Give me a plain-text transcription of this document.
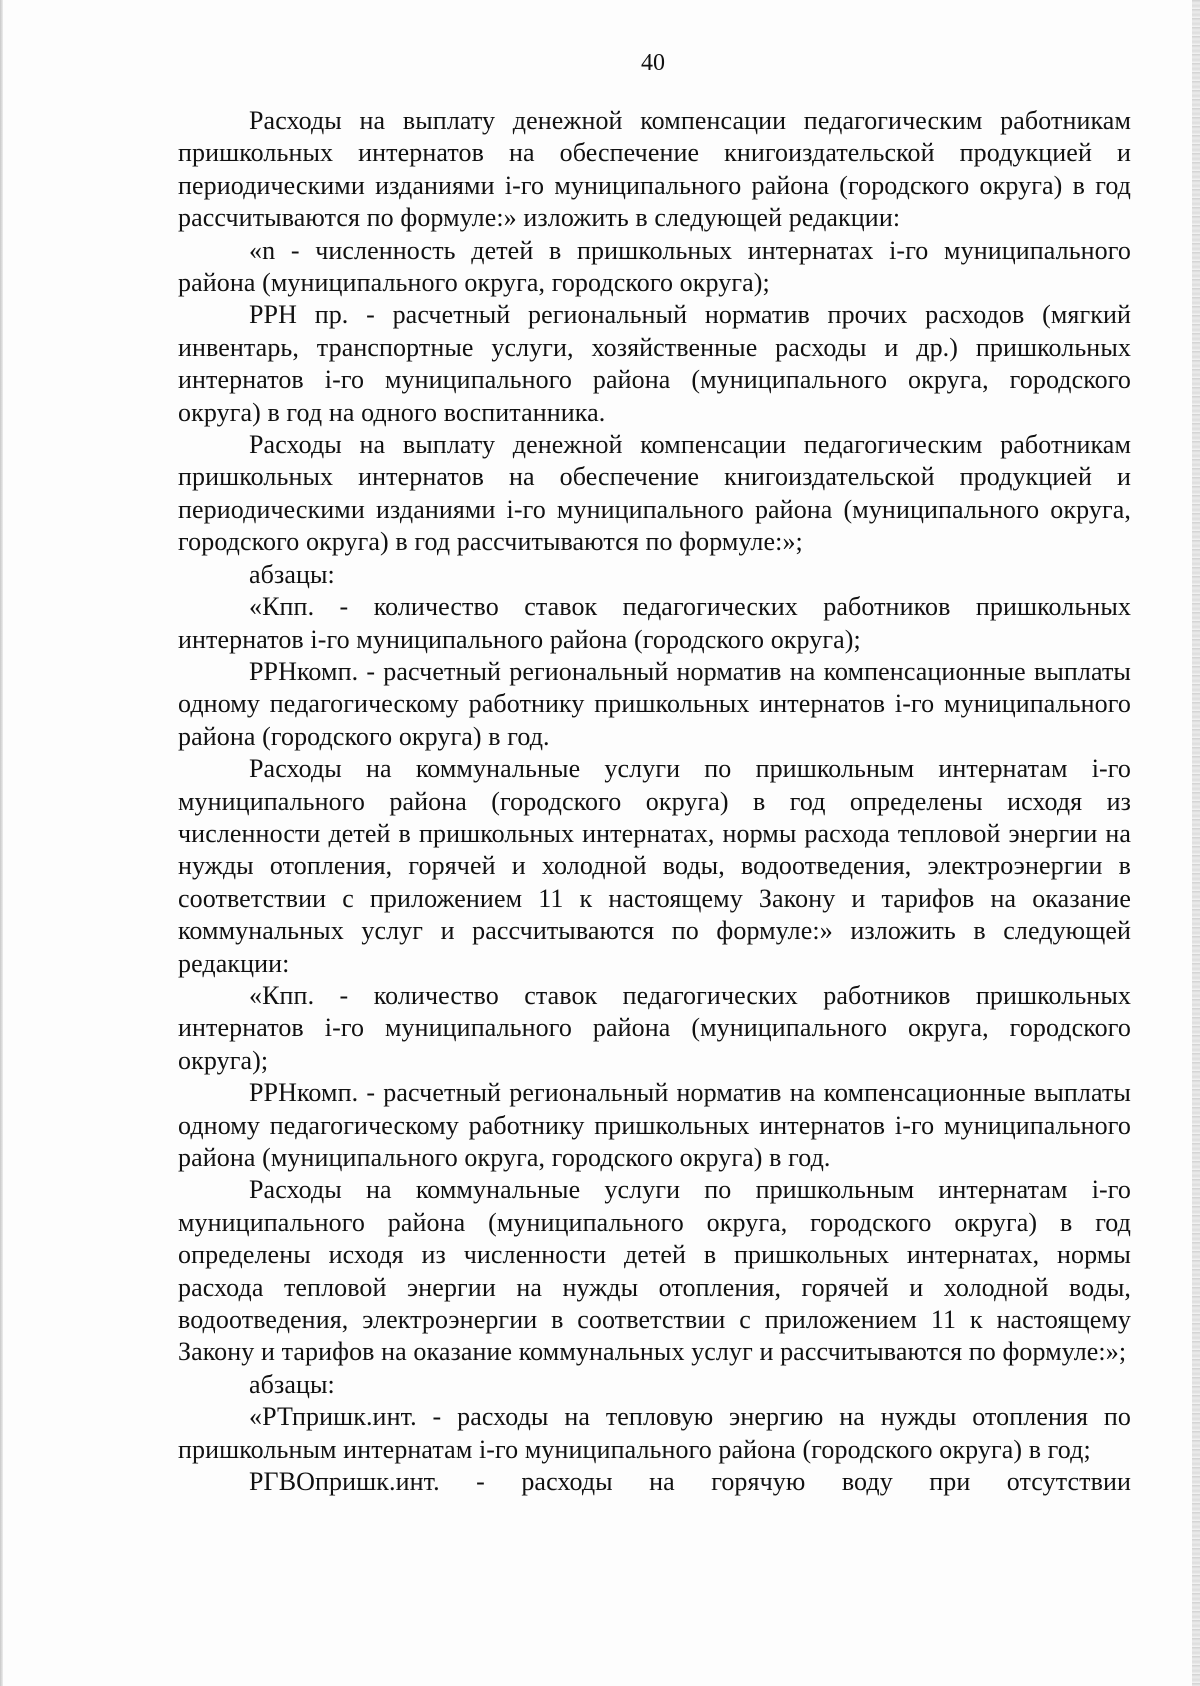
40

Расходы на выплату денежной компенсации педагогическим работникам пришкольных интернатов на обеспечение книгоиздательской продукцией и периодическими изданиями i-го муниципального района (городского округа) в год рассчитываются по формуле:» изложить в следующей редакции:

«n - численность детей в пришкольных интернатах i-го муниципального района (муниципального округа, городского округа);

РРН пр. - расчетный региональный норматив прочих расходов (мягкий инвентарь, транспортные услуги, хозяйственные расходы и др.) пришкольных интернатов i-го муниципального района (муниципального округа, городского округа) в год на одного воспитанника.

Расходы на выплату денежной компенсации педагогическим работникам пришкольных интернатов на обеспечение книгоиздательской продукцией и периодическими изданиями i-го муниципального района (муниципального округа, городского округа) в год рассчитываются по формуле:»;

абзацы:

«Кпп. - количество ставок педагогических работников пришкольных интернатов i-го муниципального района (городского округа);

РРНкомп. - расчетный региональный норматив на компенсационные выплаты одному педагогическому работнику пришкольных интернатов i-го муниципального района (городского округа) в год.

Расходы на коммунальные услуги по пришкольным интернатам i-го муниципального района (городского округа) в год определены исходя из численности детей в пришкольных интернатах, нормы расхода тепловой энергии на нужды отопления, горячей и холодной воды, водоотведения, электроэнергии в соответствии с приложением 11 к настоящему Закону и тарифов на оказание коммунальных услуг и рассчитываются по формуле:» изложить в следующей редакции:

«Кпп. - количество ставок педагогических работников пришкольных интернатов i-го муниципального района (муниципального округа, городского округа);

РРНкомп. - расчетный региональный норматив на компенсационные выплаты одному педагогическому работнику пришкольных интернатов i-го муниципального района (муниципального округа, городского округа) в год.

Расходы на коммунальные услуги по пришкольным интернатам i-го муниципального района (муниципального округа, городского округа) в год определены исходя из численности детей в пришкольных интернатах, нормы расхода тепловой энергии на нужды отопления, горячей и холодной воды, водоотведения, электроэнергии в соответствии с приложением 11 к настоящему Закону и тарифов на оказание коммунальных услуг и рассчитываются по формуле:»;

абзацы:

«РТпришк.инт. - расходы на тепловую энергию на нужды отопления по пришкольным интернатам i-го муниципального района (городского округа) в год;

РГВОпришк.инт. - расходы на горячую воду при отсутствии
